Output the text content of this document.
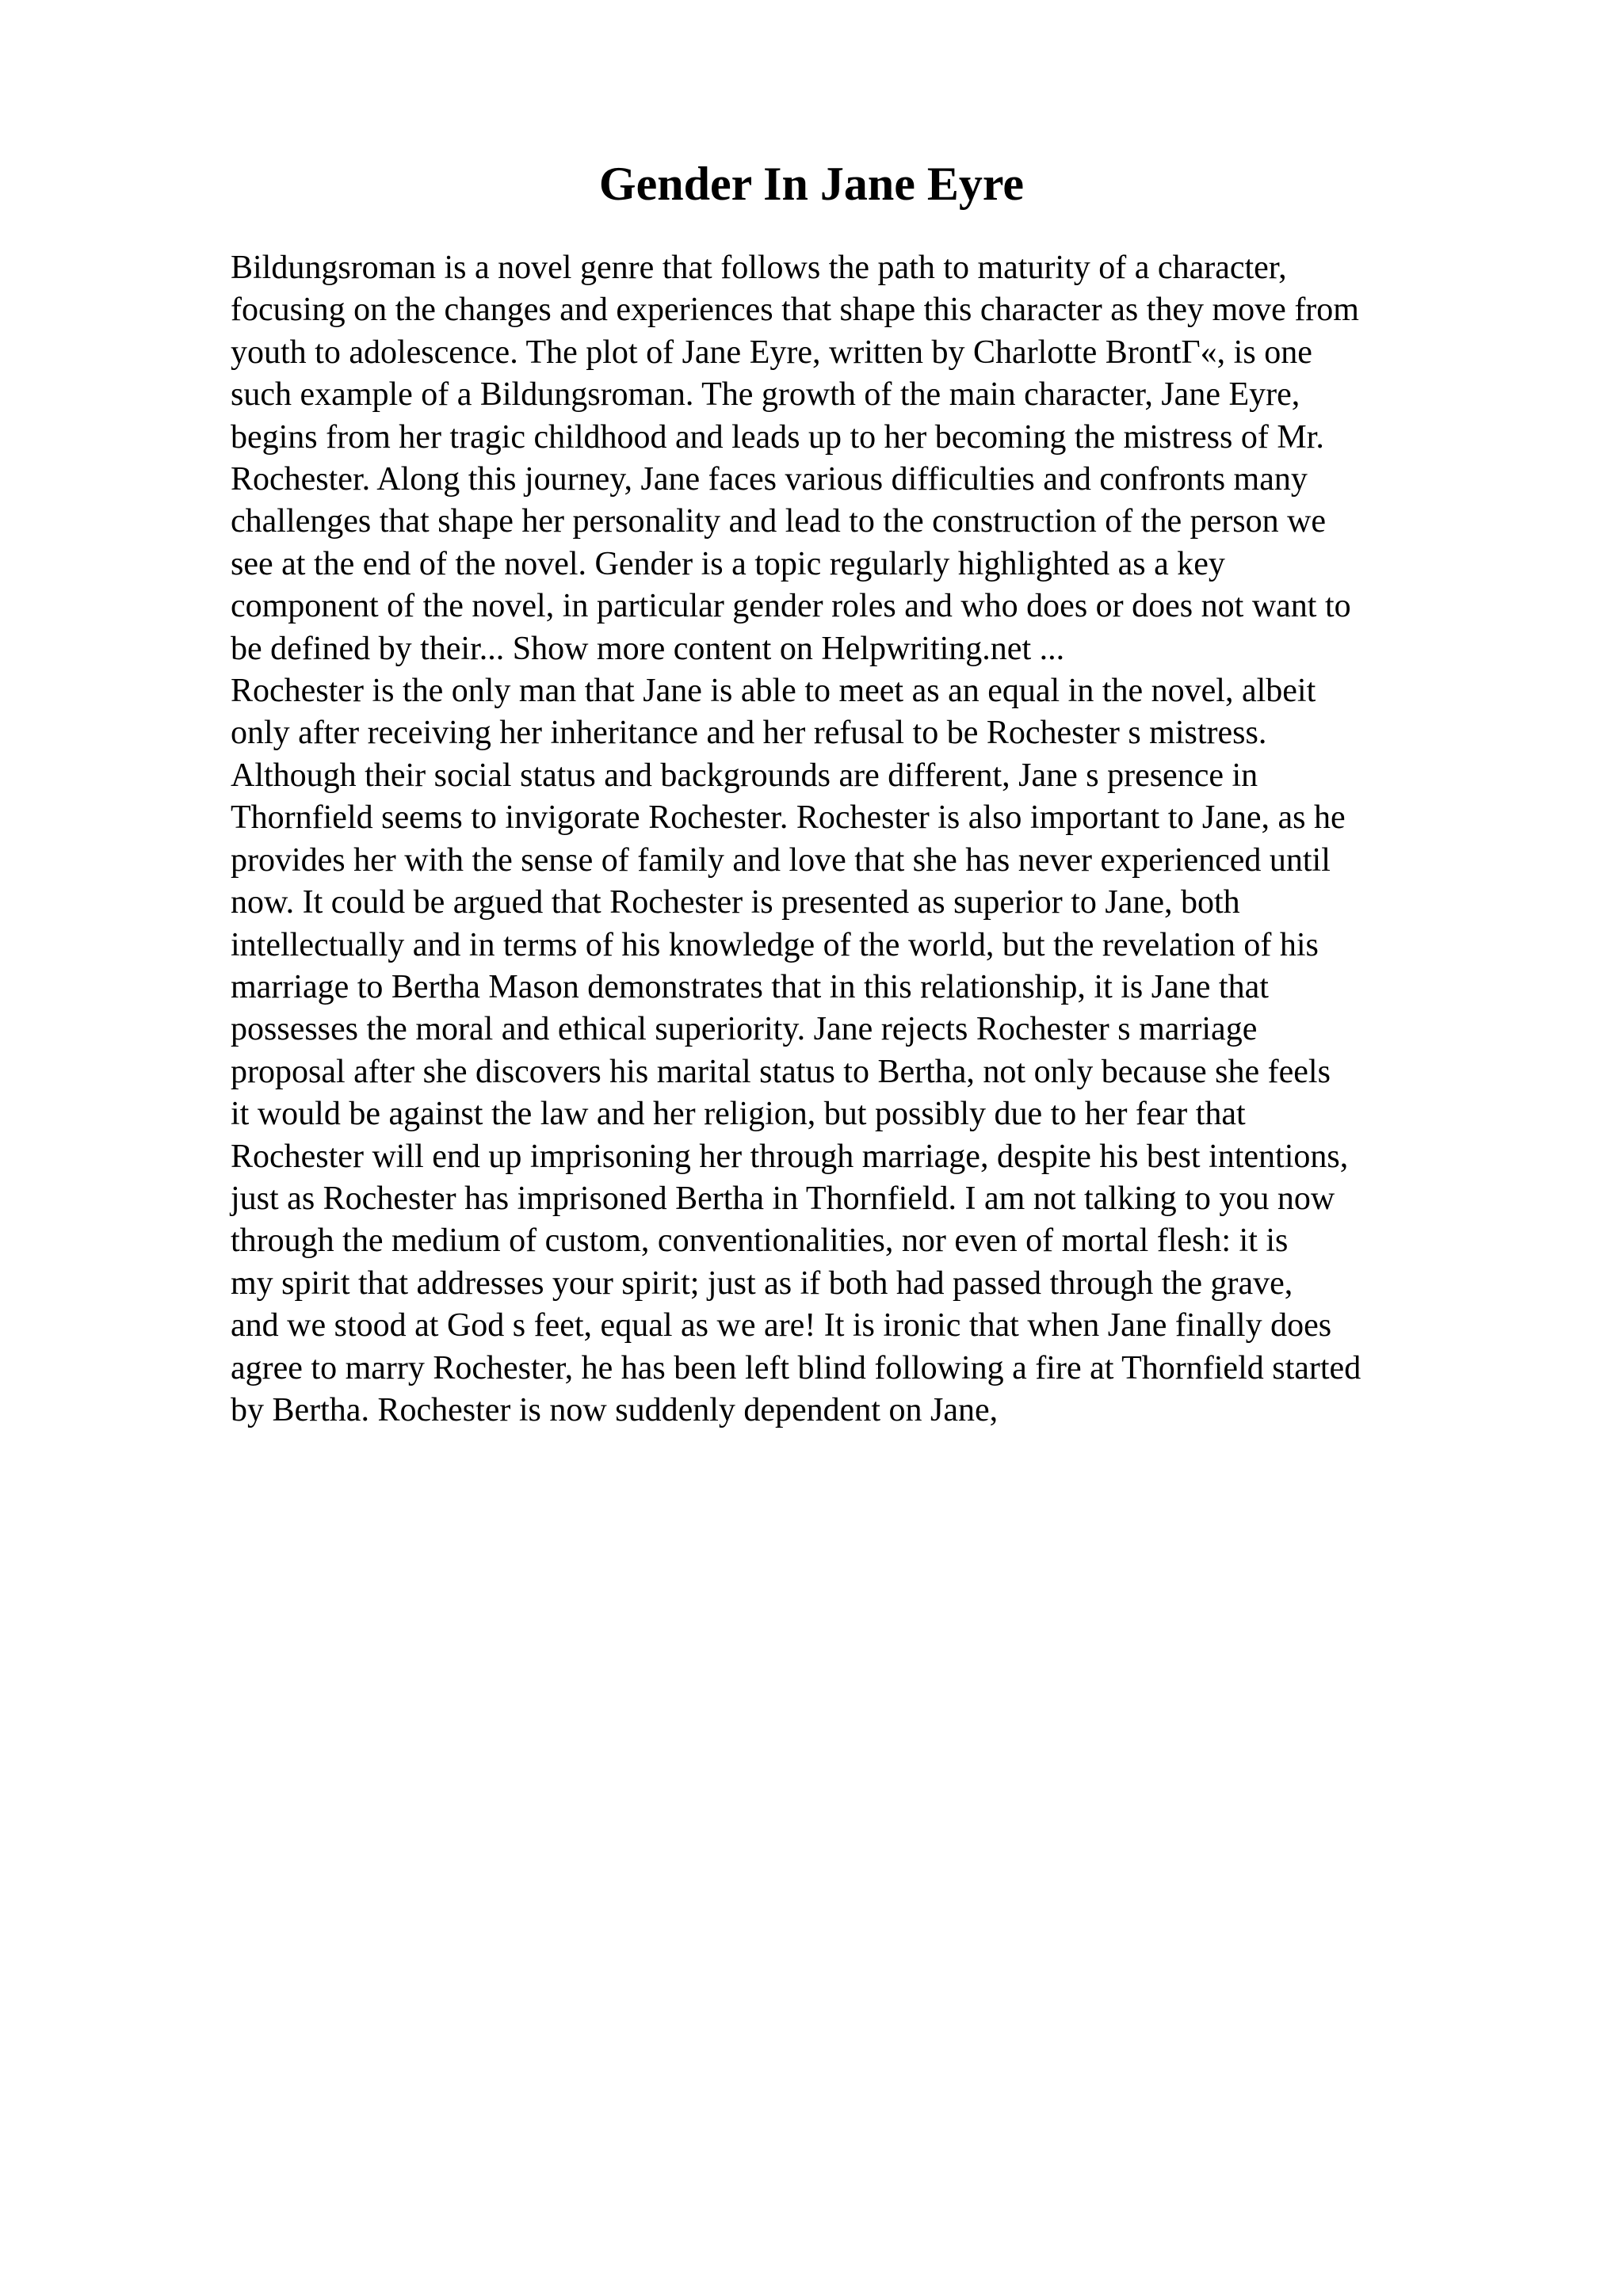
Gender In Jane Eyre
Bildungsroman is a novel genre that follows the path to maturity of a character,
focusing on the changes and experiences that shape this character as they move from
youth to adolescence. The plot of Jane Eyre, written by Charlotte BrontΓ«, is one
such example of a Bildungsroman. The growth of the main character, Jane Eyre,
begins from her tragic childhood and leads up to her becoming the mistress of Mr.
Rochester. Along this journey, Jane faces various difficulties and confronts many
challenges that shape her personality and lead to the construction of the person we
see at the end of the novel. Gender is a topic regularly highlighted as a key
component of the novel, in particular gender roles and who does or does not want to
be defined by their... Show more content on Helpwriting.net ...
Rochester is the only man that Jane is able to meet as an equal in the novel, albeit
only after receiving her inheritance and her refusal to be Rochester s mistress.
Although their social status and backgrounds are different, Jane s presence in
Thornfield seems to invigorate Rochester. Rochester is also important to Jane, as he
provides her with the sense of family and love that she has never experienced until
now. It could be argued that Rochester is presented as superior to Jane, both
intellectually and in terms of his knowledge of the world, but the revelation of his
marriage to Bertha Mason demonstrates that in this relationship, it is Jane that
possesses the moral and ethical superiority. Jane rejects Rochester s marriage
proposal after she discovers his marital status to Bertha, not only because she feels
it would be against the law and her religion, but possibly due to her fear that
Rochester will end up imprisoning her through marriage, despite his best intentions,
just as Rochester has imprisoned Bertha in Thornfield. I am not talking to you now
through the medium of custom, conventionalities, nor even of mortal flesh: it is
my spirit that addresses your spirit; just as if both had passed through the grave,
and we stood at God s feet, equal as we are! It is ironic that when Jane finally does
agree to marry Rochester, he has been left blind following a fire at Thornfield started
by Bertha. Rochester is now suddenly dependent on Jane,
